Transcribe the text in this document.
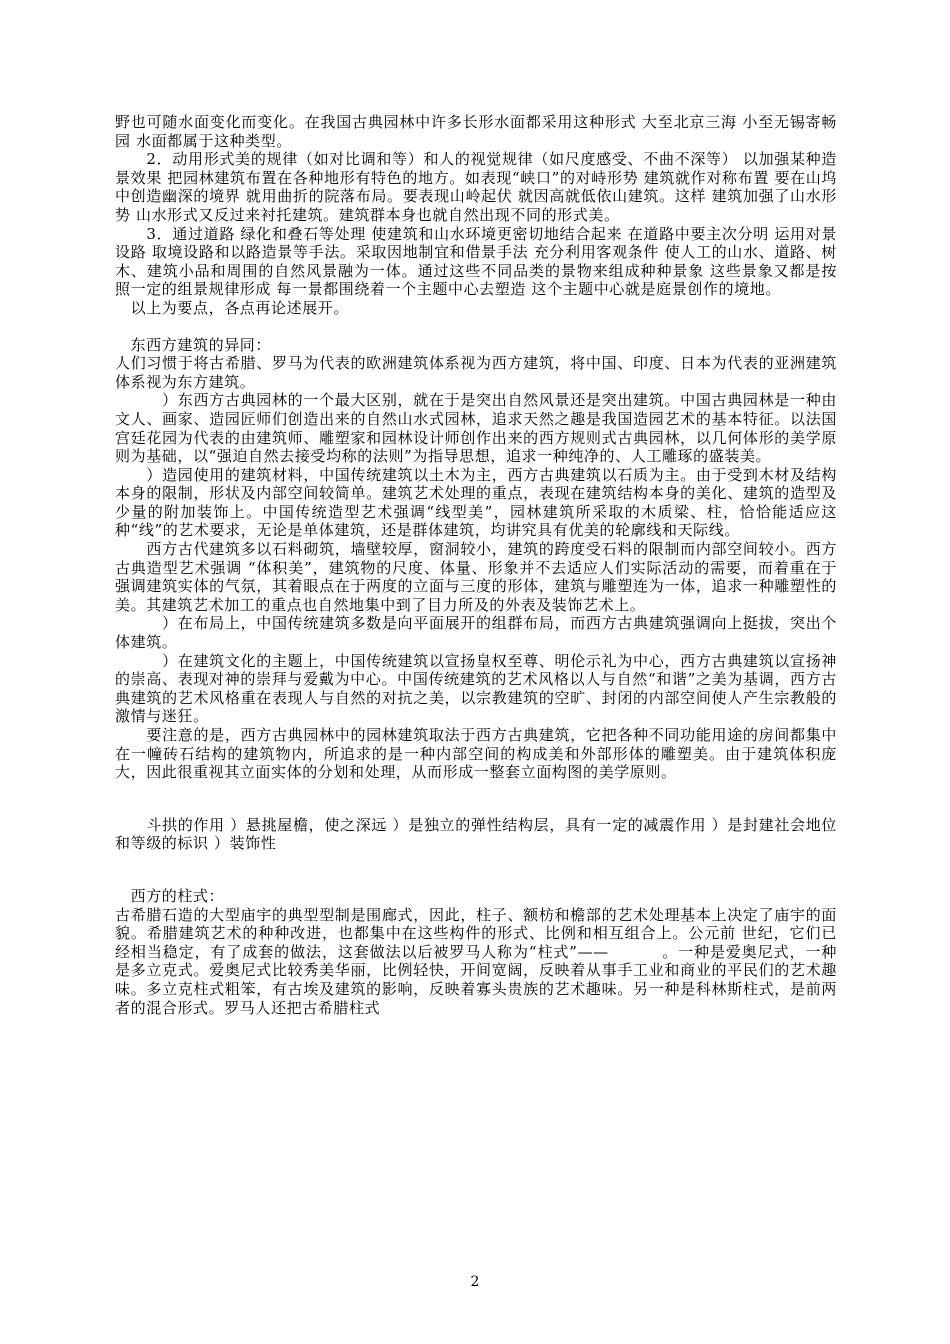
野也可随水面变化而变化。在我国古典园林中许多长形水面都采用这种形式 大至北京三海 小至无锡寄畅园 水面都属于这种类型。

　　2．动用形式美的规律（如对比调和等）和人的视觉规律（如尺度感受、不曲不深等） 以加强某种造景效果 把园林建筑布置在各种地形有特色的地方。如表现“峡口”的对峙形势 建筑就作对称布置 要在山坞中创造幽深的境界 就用曲折的院落布局。要表现山岭起伏 就因高就低依山建筑。这样 建筑加强了山水形势 山水形式又反过来衬托建筑。建筑群本身也就自然出现不同的形式美。

　　3．通过道路 绿化和叠石等处理 使建筑和山水环境更密切地结合起来 在道路中要主次分明 运用对景设路 取境设路和以路造景等手法。采取因地制宜和借景手法 充分利用客观条件 使人工的山水、道路、树木、建筑小品和周围的自然风景融为一体。通过这些不同品类的景物来组成种种景象 这些景象又都是按照一定的组景规律形成 每一景都围绕着一个主题中心去塑造 这个主题中心就是庭景创作的境地。

　以上为要点，各点再论述展开。

　东西方建筑的异同：

人们习惯于将古希腊、罗马为代表的欧洲建筑体系视为西方建筑，将中国、印度、日本为代表的亚洲建筑体系视为东方建筑。

　　　）东西方古典园林的一个最大区别，就在于是突出自然风景还是突出建筑。中国古典园林是一种由文人、画家、造园匠师们创造出来的自然山水式园林，追求天然之趣是我国造园艺术的基本特征。以法国宫廷花园为代表的由建筑师、雕塑家和园林设计师创作出来的西方规则式古典园林，以几何体形的美学原则为基础，以“强迫自然去接受均称的法则”为指导思想，追求一种纯净的、人工雕琢的盛装美。

　　）造园使用的建筑材料，中国传统建筑以土木为主，西方古典建筑以石质为主。由于受到木材及结构本身的限制，形状及内部空间较简单。建筑艺术处理的重点，表现在建筑结构本身的美化、建筑的造型及少量的附加装饰上。中国传统造型艺术强调“线型美”，园林建筑所采取的木质梁、柱，恰恰能适应这种“线”的艺术要求，无论是单体建筑，还是群体建筑，均讲究具有优美的轮廓线和天际线。

　　西方古代建筑多以石料砌筑，墙壁较厚，窗洞较小，建筑的跨度受石料的限制而内部空间较小。西方古典造型艺术强调 “体积美”，建筑物的尺度、体量、形象并不去适应人们实际活动的需要，而着重在于强调建筑实体的气氛，其着眼点在于两度的立面与三度的形体，建筑与雕塑连为一体，追求一种雕塑性的美。其建筑艺术加工的重点也自然地集中到了目力所及的外表及装饰艺术上。

　　　）在布局上，中国传统建筑多数是向平面展开的组群布局，而西方古典建筑强调向上挺拔，突出个体建筑。

　　　）在建筑文化的主题上，中国传统建筑以宣扬皇权至尊、明伦示礼为中心，西方古典建筑以宣扬神的崇高、表现对神的崇拜与爱戴为中心。中国传统建筑的艺术风格以人与自然“和谐”之美为基调，西方古典建筑的艺术风格重在表现人与自然的对抗之美，以宗教建筑的空旷、封闭的内部空间使人产生宗教般的激情与迷狂。

　　要注意的是，西方古典园林中的园林建筑取法于西方古典建筑，它把各种不同功能用途的房间都集中在一幢砖石结构的建筑物内，所追求的是一种内部空间的构成美和外部形体的雕塑美。由于建筑体积庞大，因此很重视其立面实体的分划和处理，从而形成一整套立面构图的美学原则。

　　斗拱的作用 ）悬挑屋檐，使之深远 ）是独立的弹性结构层，具有一定的减震作用 ）是封建社会地位和等级的标识 ）装饰性

　西方的柱式：

古希腊石造的大型庙宇的典型型制是围廊式，因此，柱子、额枋和檐部的艺术处理基本上决定了庙宇的面貌。希腊建筑艺术的种种改进，也都集中在这些构件的形式、比例和相互组合上。公元前 世纪，它们已经相当稳定，有了成套的做法，这套做法以后被罗马人称为“柱式”—— 　　　。一种是爱奥尼式，一种是多立克式。爱奥尼式比较秀美华丽，比例轻快，开间宽阔，反映着从事手工业和商业的平民们的艺术趣味。多立克柱式粗笨，有古埃及建筑的影响，反映着寡头贵族的艺术趣味。另一种是科林斯柱式，是前两者的混合形式。罗马人还把古希腊柱式

2
